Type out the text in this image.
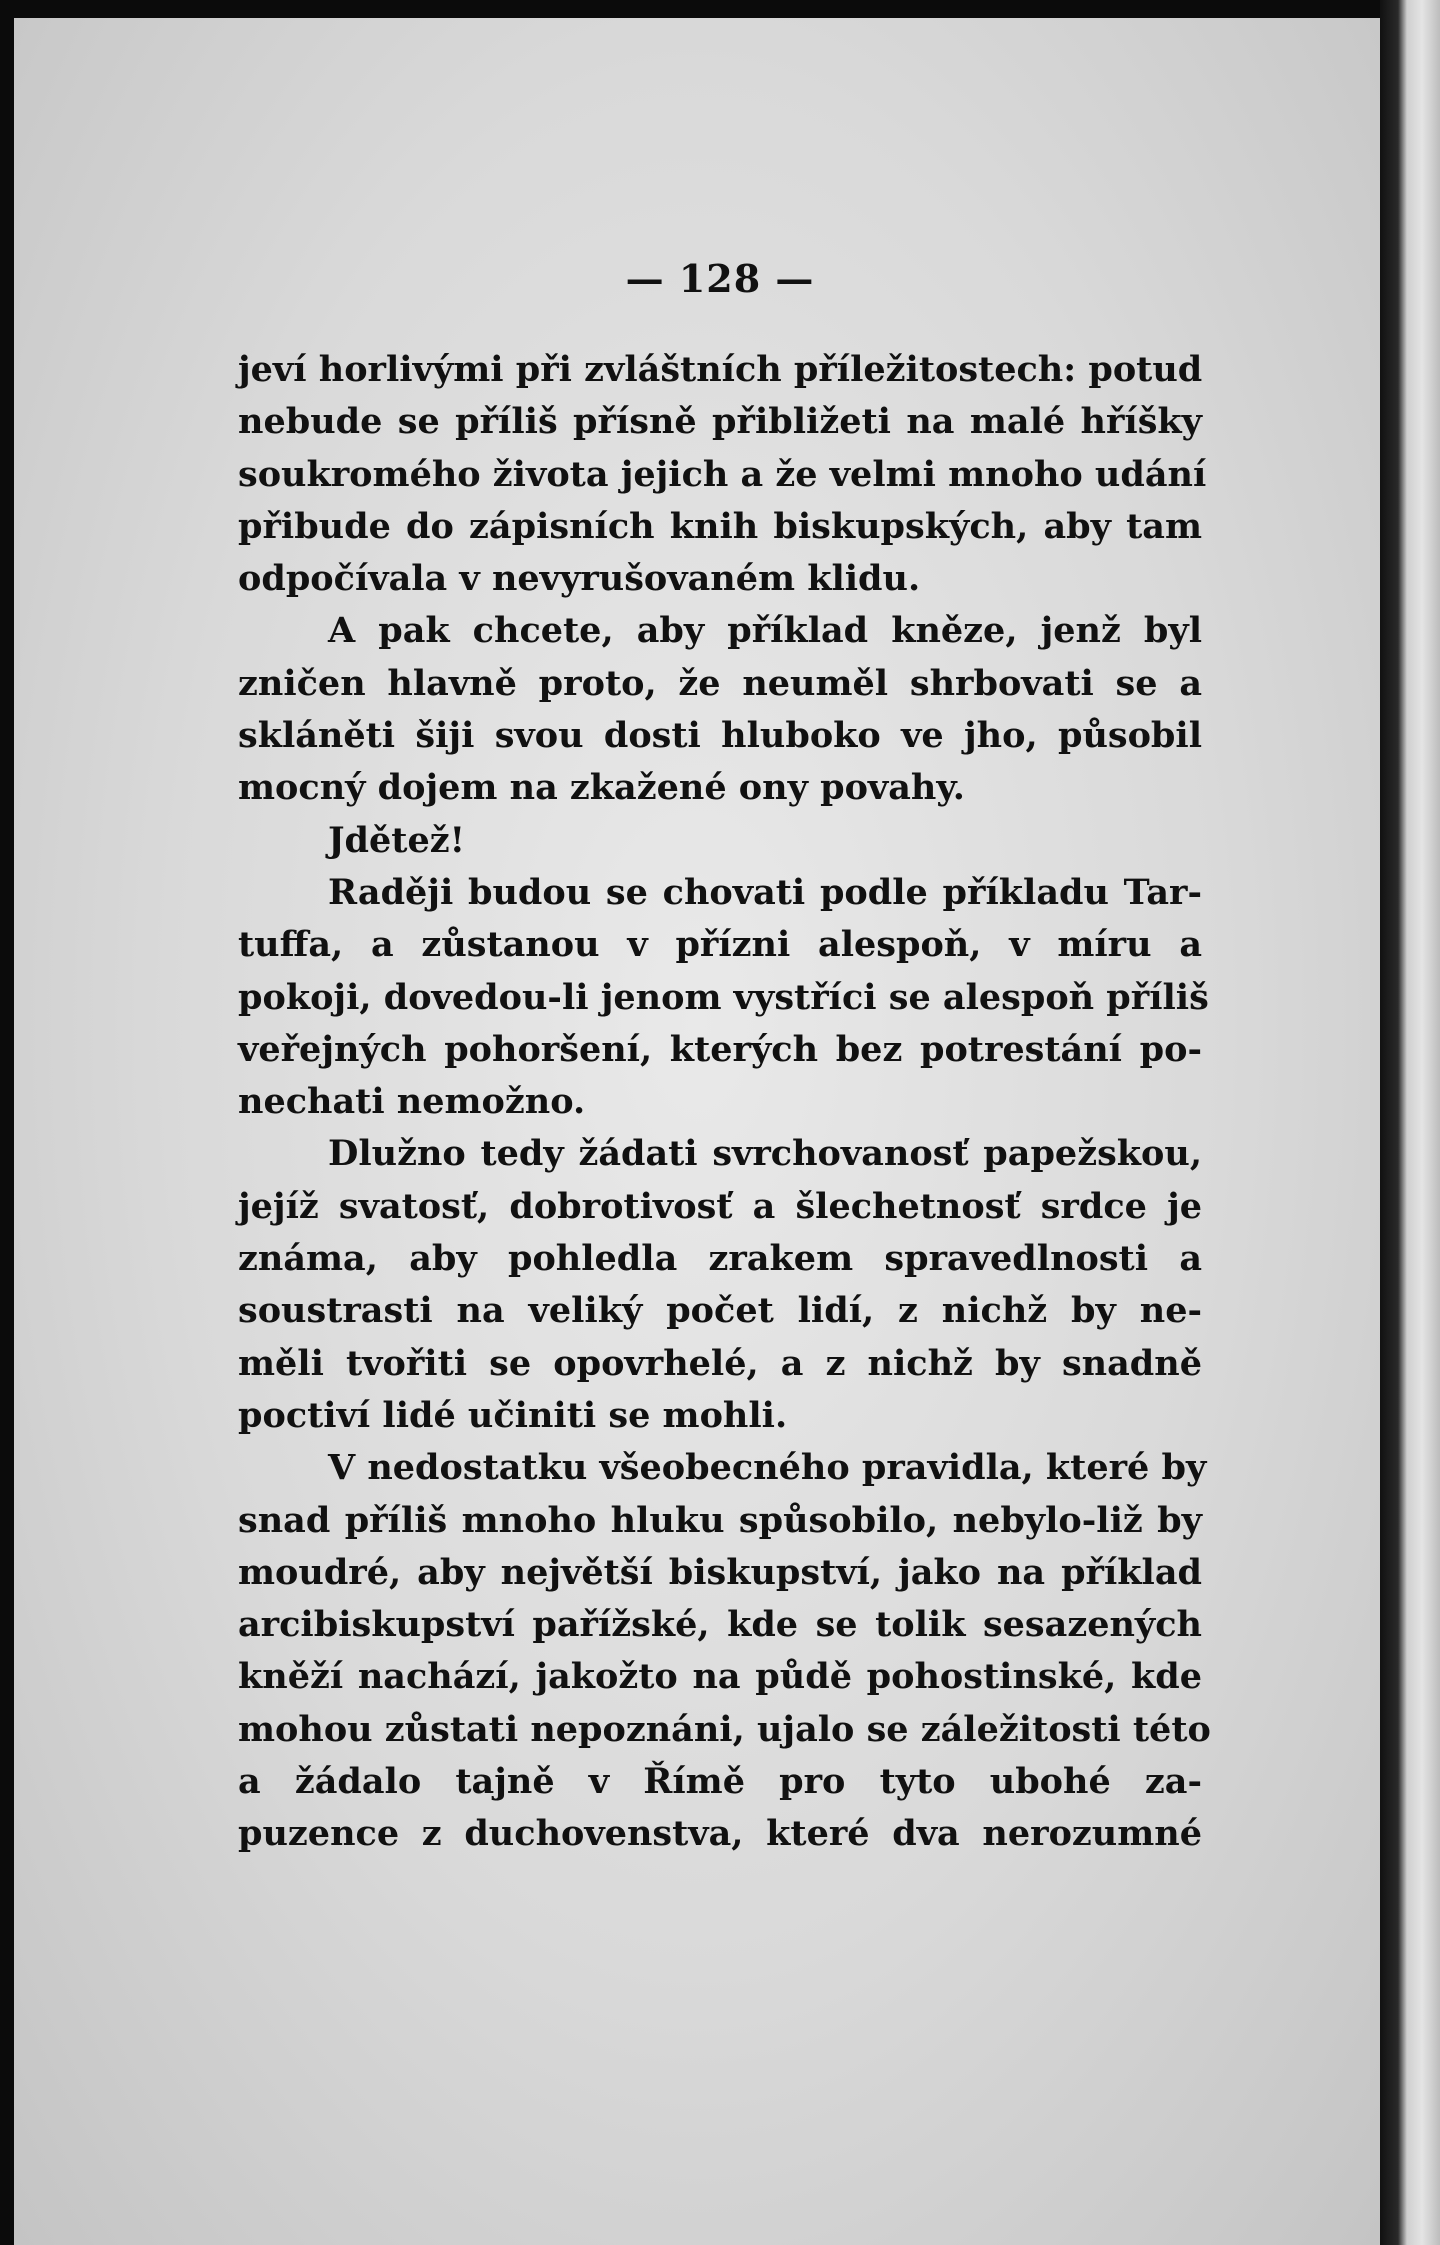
— 128 —
jeví horlivými při zvláštních příležitostech: potud
nebude se příliš přísně přibližeti na malé hříšky
soukromého života jejich a že velmi mnoho udání
přibude do zápisních knih biskupských, aby tam
odpočívala v nevyrušovaném klidu.
A pak chcete, aby příklad kněze, jenž byl
zničen hlavně proto, že neuměl shrbovati se a
skláněti šiji svou dosti hluboko ve jho, působil
mocný dojem na zkažené ony povahy.
Jdětež!
Raději budou se chovati podle příkladu Tar-
tuffa, a zůstanou v přízni alespoň, v míru a
pokoji, dovedou-li jenom vystříci se alespoň příliš
veřejných pohoršení, kterých bez potrestání po-
nechati nemožno.
Dlužno tedy žádati svrchovanosť papežskou,
jejíž svatosť, dobrotivosť a šlechetnosť srdce je
známa, aby pohledla zrakem spravedlnosti a
soustrasti na veliký počet lidí, z nichž by ne-
měli tvořiti se opovrhelé, a z nichž by snadně
poctiví lidé učiniti se mohli.
V nedostatku všeobecného pravidla, které by
snad příliš mnoho hluku spůsobilo, nebylo-liž by
moudré, aby největší biskupství, jako na příklad
arcibiskupství pařížské, kde se tolik sesazených
kněží nachází, jakožto na půdě pohostinské, kde
mohou zůstati nepoznáni, ujalo se záležitosti této
a žádalo tajně v Římě pro tyto ubohé za-
puzence z duchovenstva, které dva nerozumné
